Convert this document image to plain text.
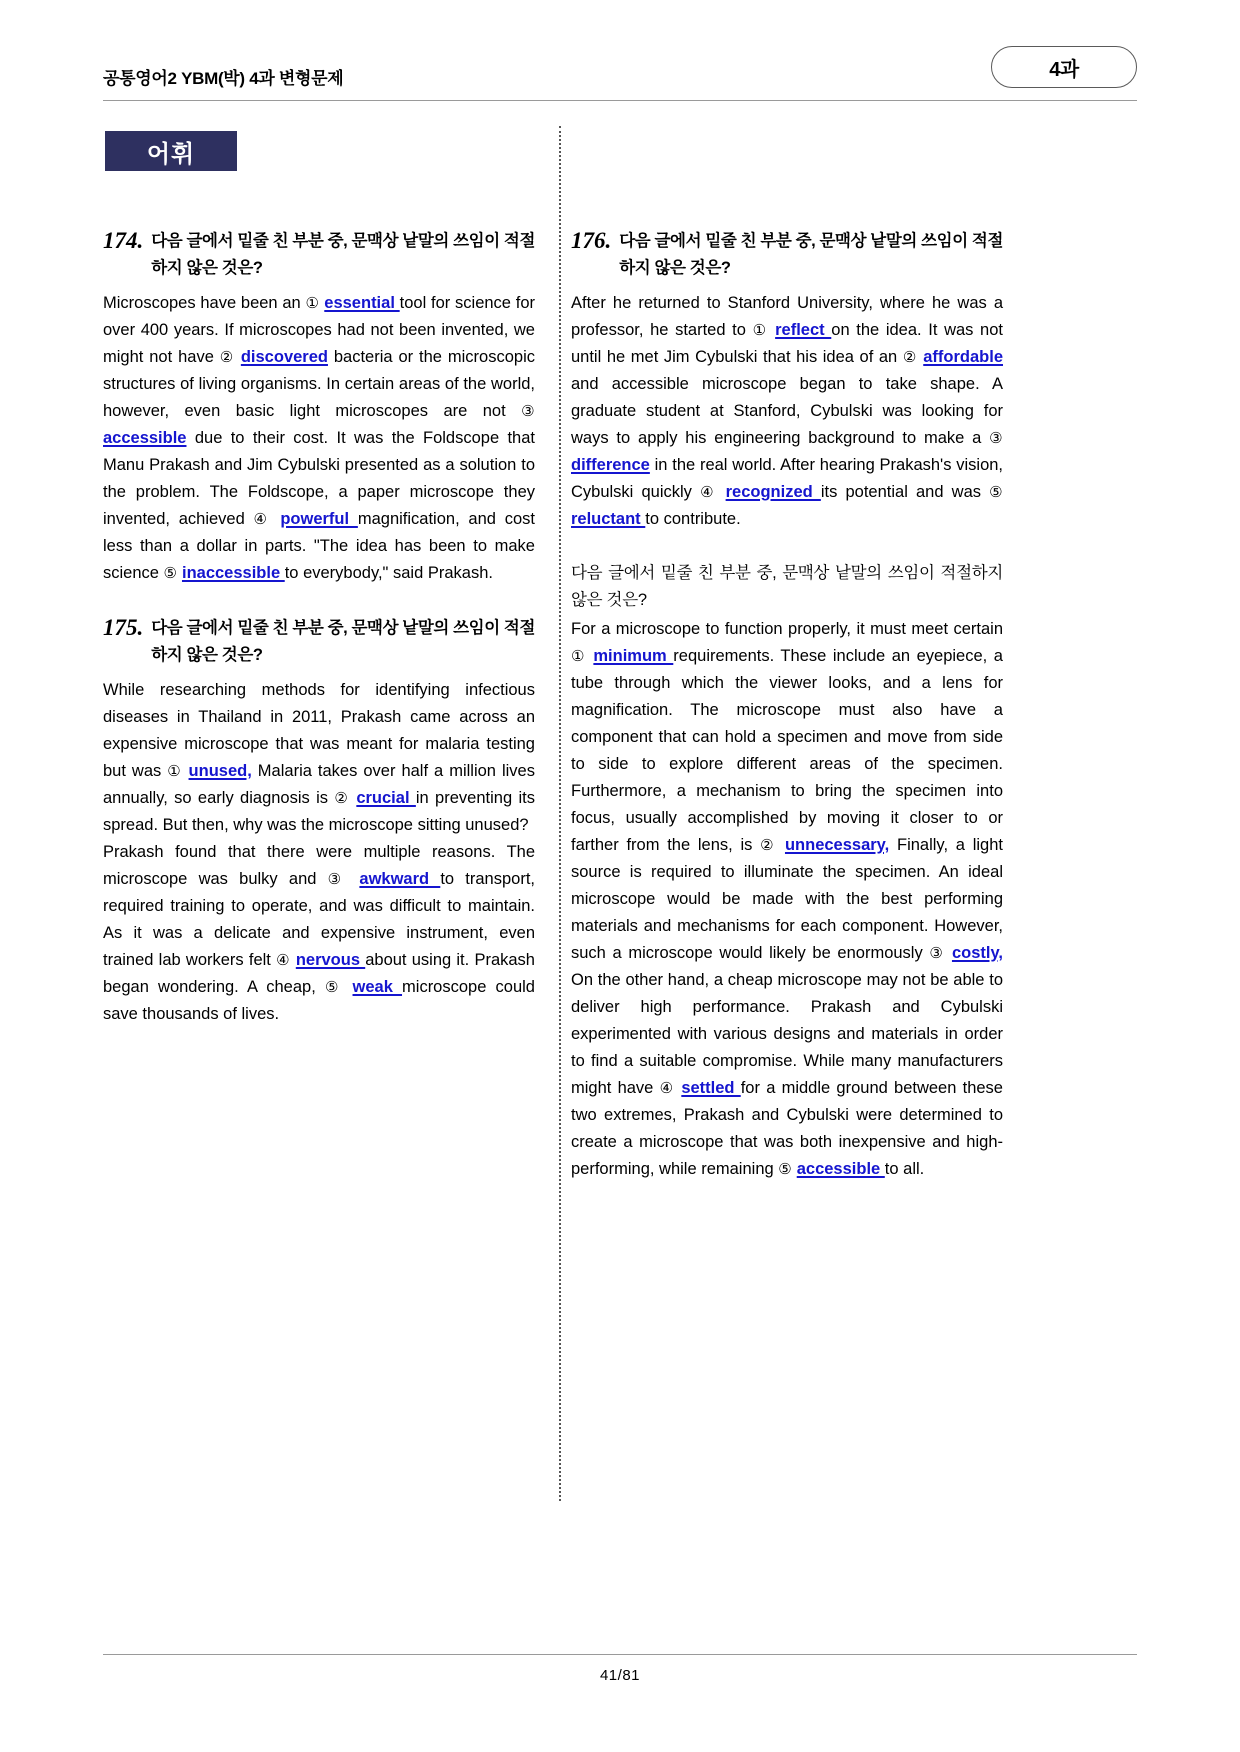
공통영어2 YBM(박) 4과 변형문제	4과
어휘
174. 다음 글에서 밑줄 친 부분 중, 문맥상 낱말의 쓰임이 적절하지 않은 것은?

Microscopes have been an ① essential tool for science for over 400 years. If microscopes had not been invented, we might not have ② discovered bacteria or the microscopic structures of living organisms. In certain areas of the world, however, even basic light microscopes are not ③ accessible due to their cost. It was the Foldscope that Manu Prakash and Jim Cybulski presented as a solution to the problem. The Foldscope, a paper microscope they invented, achieved ④ powerful magnification, and cost less than a dollar in parts. "The idea has been to make science ⑤ inaccessible to everybody," said Prakash.

175. 다음 글에서 밑줄 친 부분 중, 문맥상 낱말의 쓰임이 적절하지 않은 것은?

While researching methods for identifying infectious diseases in Thailand in 2011, Prakash came across an expensive microscope that was meant for malaria testing but was ① unused, Malaria takes over half a million lives annually, so early diagnosis is ② crucial in preventing its spread. But then, why was the microscope sitting unused?

Prakash found that there were multiple reasons. The microscope was bulky and ③ awkward to transport, required training to operate, and was difficult to maintain. As it was a delicate and expensive instrument, even trained lab workers felt ④ nervous about using it. Prakash began wondering. A cheap, ⑤ weak microscope could save thousands of lives.

176. 다음 글에서 밑줄 친 부분 중, 문맥상 낱말의 쓰임이 적절하지 않은 것은?

After he returned to Stanford University, where he was a professor, he started to ① reflect on the idea. It was not until he met Jim Cybulski that his idea of an ② affordable and accessible microscope began to take shape. A graduate student at Stanford, Cybulski was looking for ways to apply his engineering background to make a ③ difference in the real world. After hearing Prakash's vision, Cybulski quickly ④ recognized its potential and was ⑤ reluctant to contribute.

다음 글에서 밑줄 친 부분 중, 문맥상 낱말의 쓰임이 적절하지 않은 것은?

For a microscope to function properly, it must meet certain ① minimum requirements. These include an eyepiece, a tube through which the viewer looks, and a lens for magnification. The microscope must also have a component that can hold a specimen and move from side to side to explore different areas of the specimen. Furthermore, a mechanism to bring the specimen into focus, usually accomplished by moving it closer to or farther from the lens, is ② unnecessary, Finally, a light source is required to illuminate the specimen. An ideal microscope would be made with the best performing materials and mechanisms for each component. However, such a microscope would likely be enormously ③ costly, On the other hand, a cheap microscope may not be able to deliver high performance. Prakash and Cybulski experimented with various designs and materials in order to find a suitable compromise. While many manufacturers might have ④ settled for a middle ground between these two extremes, Prakash and Cybulski were determined to create a microscope that was both inexpensive and high-performing, while remaining ⑤ accessible to all.

41/81
